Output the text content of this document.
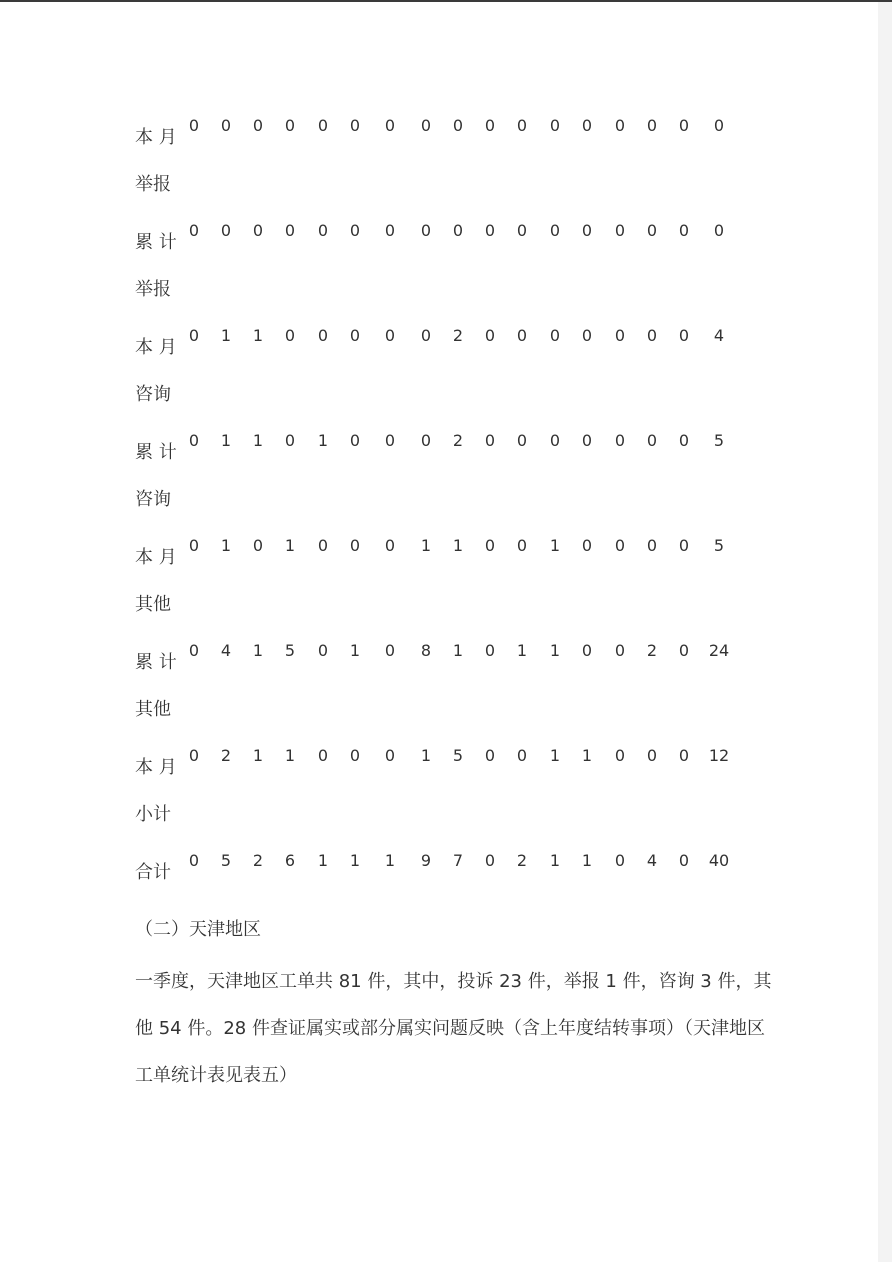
本 月
举报
0 0 0 0 0 0 0 0 0 0 0 0 0 0 0 0 0
累 计
举报
0 0 0 0 0 0 0 0 0 0 0 0 0 0 0 0 0
本 月
咨询
0 1 1 0 0 0 0 0 2 0 0 0 0 0 0 0 4
累 计
咨询
0 1 1 0 1 0 0 0 2 0 0 0 0 0 0 0 5
本 月
其他
0 1 0 1 0 0 0 1 1 0 0 1 0 0 0 0 5
累 计
其他
0 4 1 5 0 1 0 8 1 0 1 1 0 0 2 0 24
本 月
小计
0 2 1 1 0 0 0 1 5 0 0 1 1 0 0 0 12
合计
0 5 2 6 1 1 1 9 7 0 2 1 1 0 4 0 40
（二）天津地区
一季度，天津地区工单共 81 件，其中，投诉 23 件，举报 1 件，咨询 3 件，其
他 54 件。28 件查证属实或部分属实问题反映（含上年度结转事项）（天津地区
工单统计表见表五）
